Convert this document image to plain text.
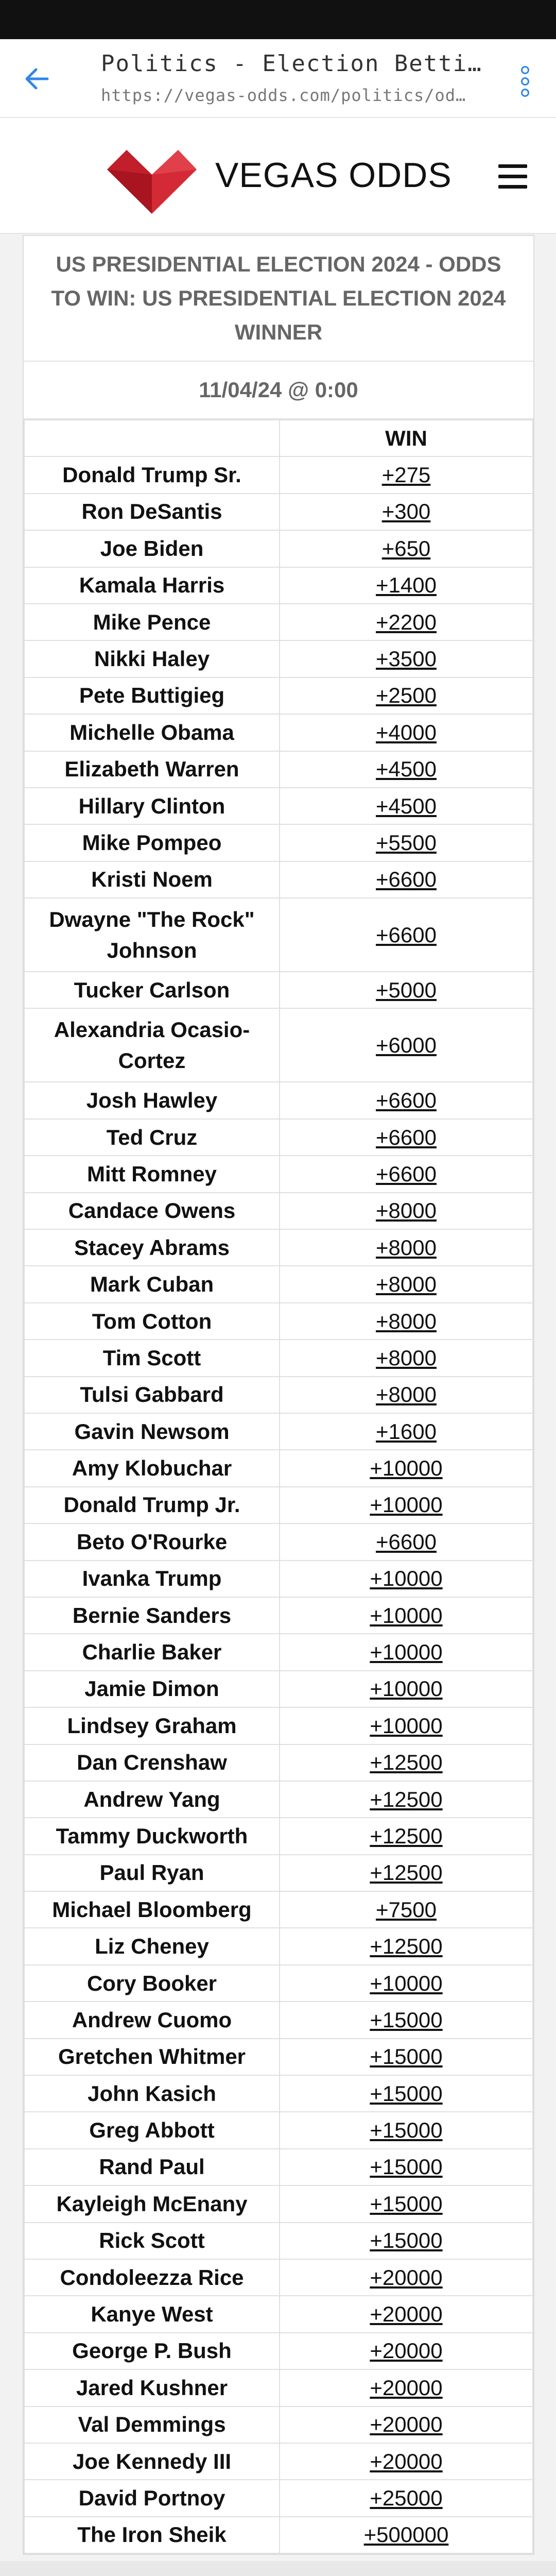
Politics - Election Betti…
https://vegas-odds.com/politics/od…
VEGAS ODDS
US PRESIDENTIAL ELECTION 2024 - ODDS TO WIN: US PRESIDENTIAL ELECTION 2024 WINNER
11/04/24 @ 0:00
	WIN
Donald Trump Sr.	+275
Ron DeSantis	+300
Joe Biden	+650
Kamala Harris	+1400
Mike Pence	+2200
Nikki Haley	+3500
Pete Buttigieg	+2500
Michelle Obama	+4000
Elizabeth Warren	+4500
Hillary Clinton	+4500
Mike Pompeo	+5500
Kristi Noem	+6600
Dwayne "The Rock" Johnson	+6600
Tucker Carlson	+5000
Alexandria Ocasio-Cortez	+6000
Josh Hawley	+6600
Ted Cruz	+6600
Mitt Romney	+6600
Candace Owens	+8000
Stacey Abrams	+8000
Mark Cuban	+8000
Tom Cotton	+8000
Tim Scott	+8000
Tulsi Gabbard	+8000
Gavin Newsom	+1600
Amy Klobuchar	+10000
Donald Trump Jr.	+10000
Beto O'Rourke	+6600
Ivanka Trump	+10000
Bernie Sanders	+10000
Charlie Baker	+10000
Jamie Dimon	+10000
Lindsey Graham	+10000
Dan Crenshaw	+12500
Andrew Yang	+12500
Tammy Duckworth	+12500
Paul Ryan	+12500
Michael Bloomberg	+7500
Liz Cheney	+12500
Cory Booker	+10000
Andrew Cuomo	+15000
Gretchen Whitmer	+15000
John Kasich	+15000
Greg Abbott	+15000
Rand Paul	+15000
Kayleigh McEnany	+15000
Rick Scott	+15000
Condoleezza Rice	+20000
Kanye West	+20000
George P. Bush	+20000
Jared Kushner	+20000
Val Demmings	+20000
Joe Kennedy III	+20000
David Portnoy	+25000
The Iron Sheik	+500000
